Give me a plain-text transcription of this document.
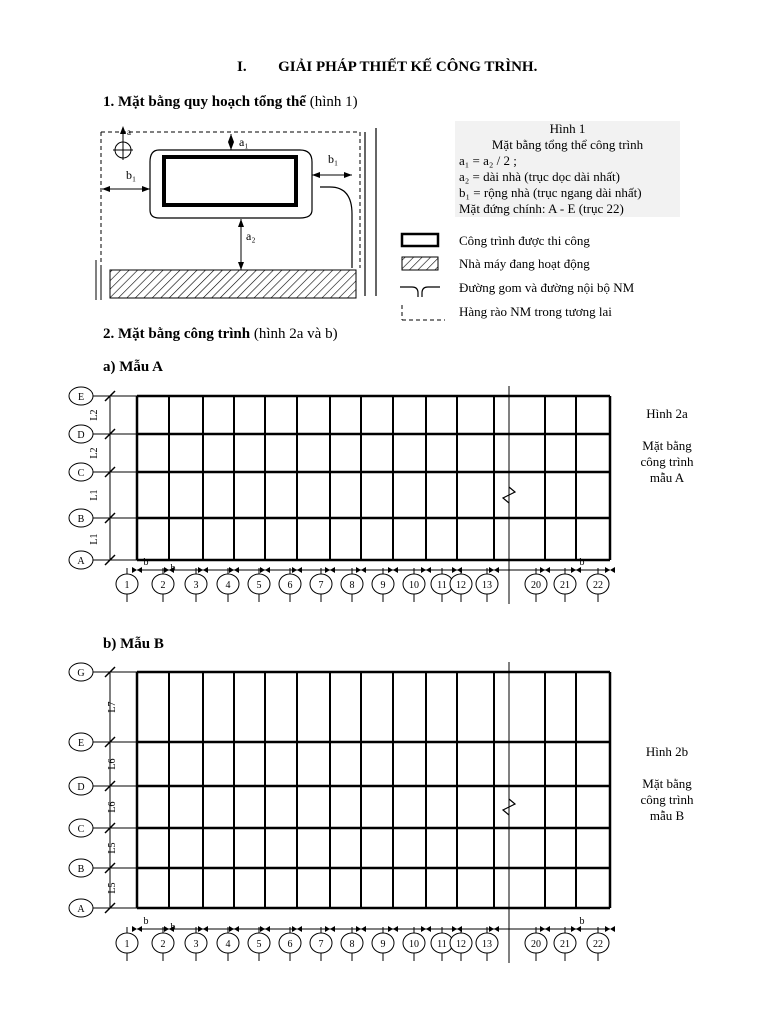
I. GIẢI PHÁP THIẾT KẾ CÔNG TRÌNH.
1. Mặt bằng quy hoạch tổng thể (hình 1)
a₁
a₂
b₁
b₁
a	Hình 1
Mặt bằng tổng thể công trình
a₁ = a₂ / 2 ;
a₂ = dài nhà (trục dọc dài nhất)
b₁ = rộng nhà (trục ngang dài nhất)
Mặt đứng chính: A - E (trục 22)
Công trình được thi công
Nhà máy đang hoạt động
Đường gom và đường nội bộ NM
Hàng rào NM trong tương lai
2. Mặt bằng công trình (hình 2a và b)
a) Mẫu A
Hình 2a
Mặt bằng
công trình
mẫu A
b) Mẫu B
Hình 2b
Mặt bằng
công trình
mẫu B
E
D
C
B
A
L2
L2
L1
L1
1	2	3	4	5	6	7	8	9 10 11 12 13	20 21 22
b
b
b
G
E
D
C
B
A
L7
L6
L6
L5
L5
1	2	3	4	5	6	7	8	9 10 11 12 13	20 21 22
b
b
b
